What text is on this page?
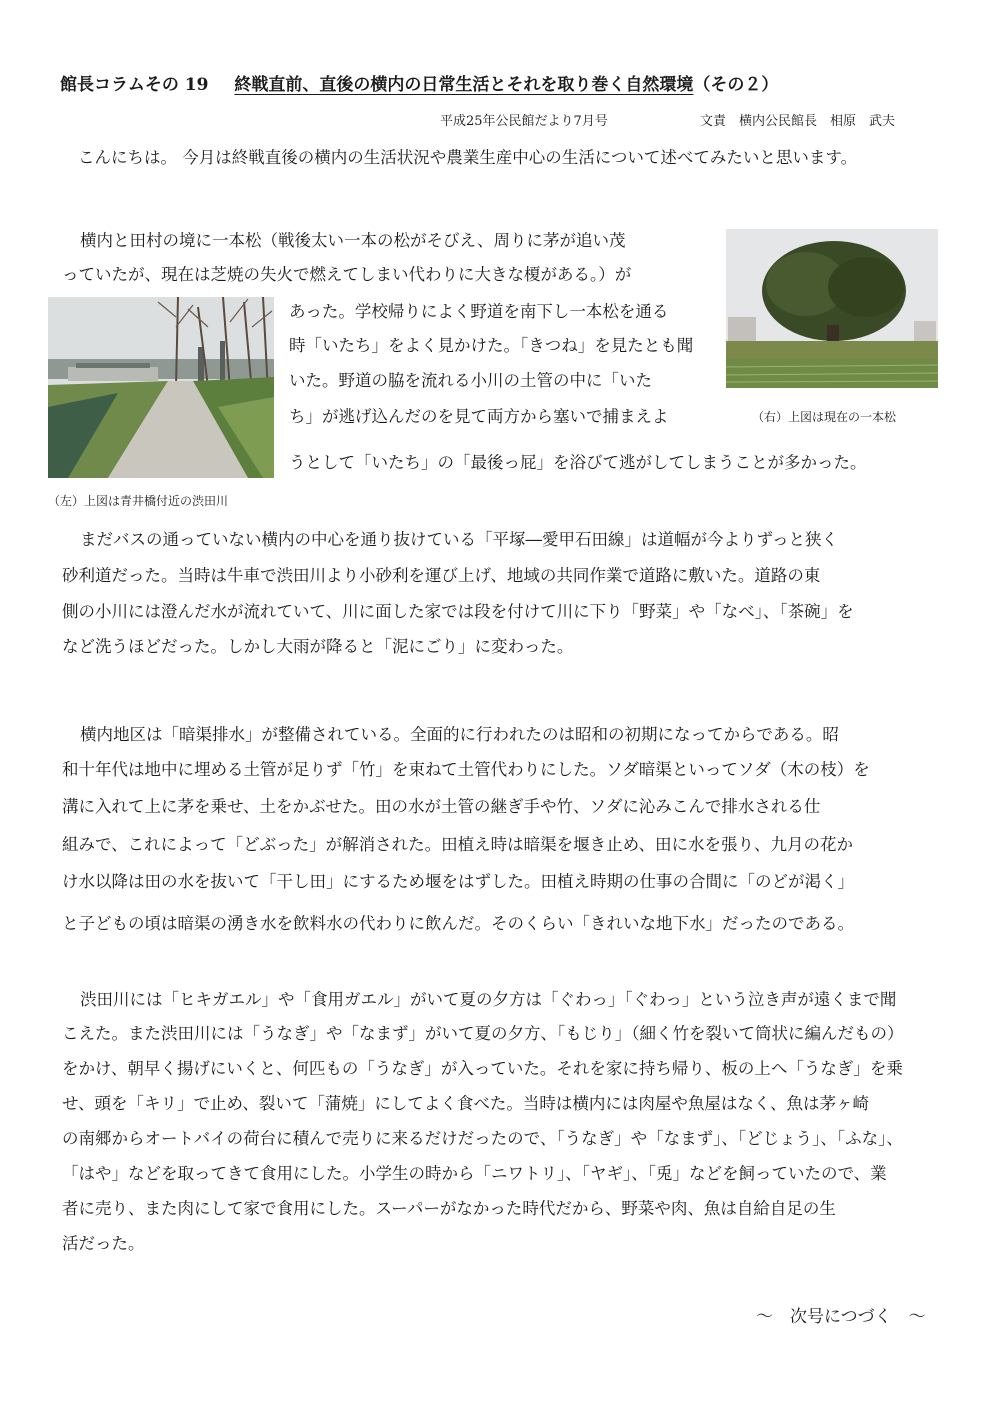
館長コラムその 19 終戦直前、直後の横内の日常生活とそれを取り巻く自然環境（その２）
平成25年公民館だより7月号	文責　横内公民館長　相原　武夫
こんにちは。 今月は終戦直後の横内の生活状況や農業生産中心の生活について述べてみたいと思います。
横内と田村の境に一本松（戦後太い一本の松がそびえ、周りに茅が追い茂
っていたが、現在は芝焼の失火で燃えてしまい代わりに大きな榎がある。）が
あった。学校帰りによく野道を南下し一本松を通る
時「いたち」をよく見かけた。「きつね」を見たとも聞
いた。野道の脇を流れる小川の土管の中に「いた
ち」が逃げ込んだのを見て両方から塞いで捕まえよ
うとして「いたち」の「最後っ屁」を浴びて逃がしてしまうことが多かった。
（左）上図は青井橋付近の渋田川
（右）上図は現在の一本松
まだバスの通っていない横内の中心を通り抜けている「平塚―愛甲石田線」は道幅が今よりずっと狭く
砂利道だった。当時は牛車で渋田川より小砂利を運び上げ、地域の共同作業で道路に敷いた。道路の東
側の小川には澄んだ水が流れていて、川に面した家では段を付けて川に下り「野菜」や「なべ」、「茶碗」を
など洗うほどだった。しかし大雨が降ると「泥にごり」に変わった。
横内地区は「暗渠排水」が整備されている。全面的に行われたのは昭和の初期になってからである。昭
和十年代は地中に埋める土管が足りず「竹」を束ねて土管代わりにした。ソダ暗渠といってソダ（木の枝）を
溝に入れて上に茅を乗せ、土をかぶせた。田の水が土管の継ぎ手や竹、ソダに沁みこんで排水される仕
組みで、これによって「どぶった」が解消された。田植え時は暗渠を堰き止め、田に水を張り、九月の花か
け水以降は田の水を抜いて「干し田」にするため堰をはずした。田植え時期の仕事の合間に「のどが渇く」
と子どもの頃は暗渠の湧き水を飲料水の代わりに飲んだ。そのくらい「きれいな地下水」だったのである。
渋田川には「ヒキガエル」や「食用ガエル」がいて夏の夕方は「ぐわっ」「ぐわっ」という泣き声が遠くまで聞
こえた。また渋田川には「うなぎ」や「なまず」がいて夏の夕方、「もじり」（細く竹を裂いて筒状に編んだもの）
をかけ、朝早く揚げにいくと、何匹もの「うなぎ」が入っていた。それを家に持ち帰り、板の上へ「うなぎ」を乗
せ、頭を「キリ」で止め、裂いて「蒲焼」にしてよく食べた。当時は横内には肉屋や魚屋はなく、魚は茅ヶ崎
の南郷からオートバイの荷台に積んで売りに来るだけだったので、「うなぎ」や「なまず」、「どじょう」、「ふな」、
「はや」などを取ってきて食用にした。小学生の時から「ニワトリ」、「ヤギ」、「兎」などを飼っていたので、業
者に売り、また肉にして家で食用にした。スーパーがなかった時代だから、野菜や肉、魚は自給自足の生
活だった。
～　次号につづく　～
